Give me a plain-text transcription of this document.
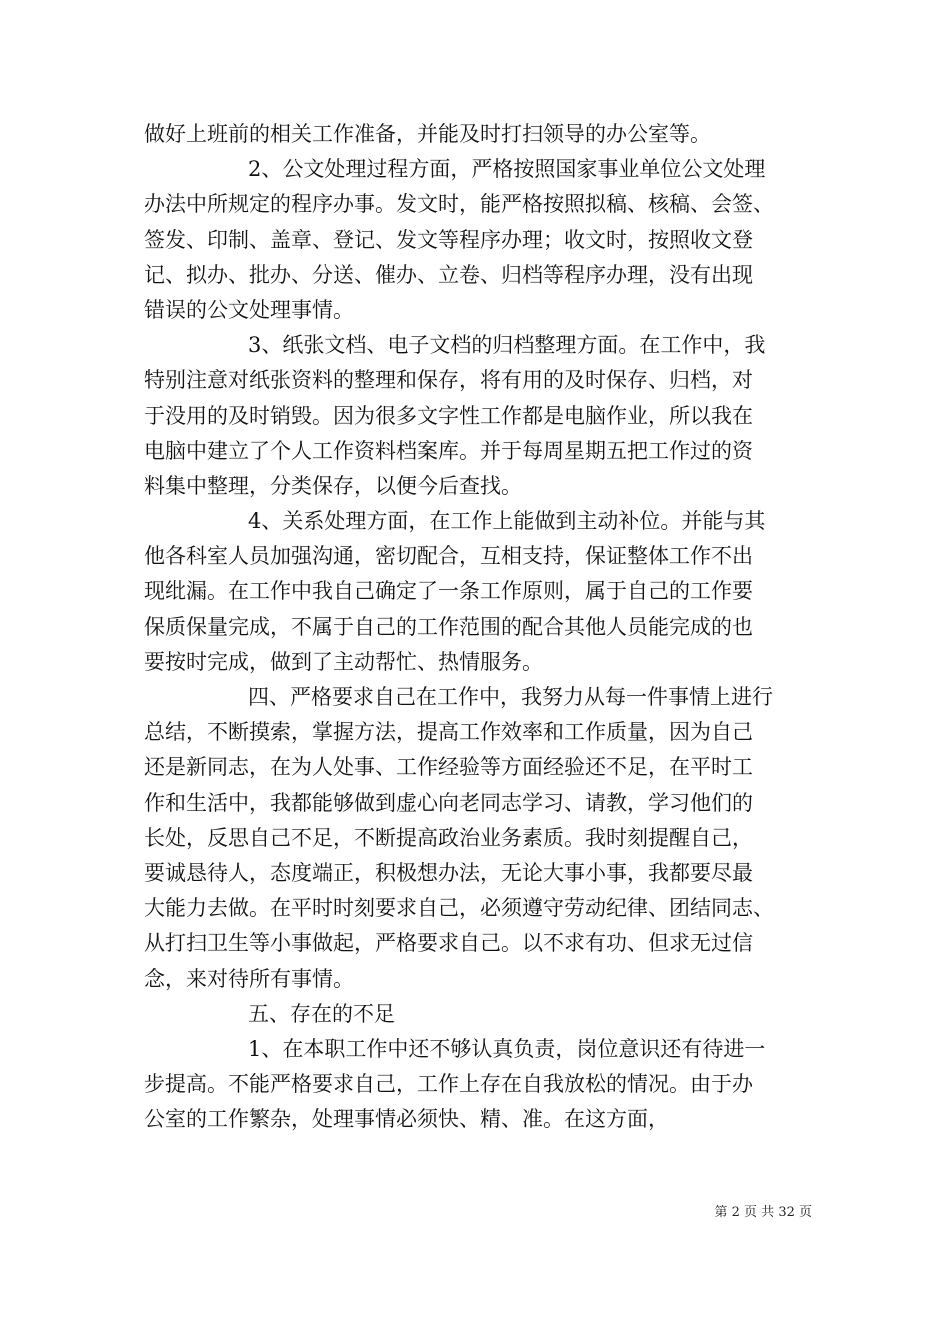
做好上班前的相关工作准备，并能及时打扫领导的办公室等。
2、公文处理过程方面，严格按照国家事业单位公文处理
办法中所规定的程序办事。发文时，能严格按照拟稿、核稿、会签、
签发、印制、盖章、登记、发文等程序办理；收文时，按照收文登
记、拟办、批办、分送、催办、立卷、归档等程序办理，没有出现
错误的公文处理事情。
3、纸张文档、电子文档的归档整理方面。在工作中，我
特别注意对纸张资料的整理和保存，将有用的及时保存、归档，对
于没用的及时销毁。因为很多文字性工作都是电脑作业，所以我在
电脑中建立了个人工作资料档案库。并于每周星期五把工作过的资
料集中整理，分类保存，以便今后查找。
4、关系处理方面，在工作上能做到主动补位。并能与其
他各科室人员加强沟通，密切配合，互相支持，保证整体工作不出
现纰漏。在工作中我自己确定了一条工作原则，属于自己的工作要
保质保量完成，不属于自己的工作范围的配合其他人员能完成的也
要按时完成，做到了主动帮忙、热情服务。
四、严格要求自己在工作中，我努力从每一件事情上进行
总结，不断摸索，掌握方法，提高工作效率和工作质量，因为自己
还是新同志，在为人处事、工作经验等方面经验还不足，在平时工
作和生活中，我都能够做到虚心向老同志学习、请教，学习他们的
长处，反思自己不足，不断提高政治业务素质。我时刻提醒自己，
要诚恳待人，态度端正，积极想办法，无论大事小事，我都要尽最
大能力去做。在平时时刻要求自己，必须遵守劳动纪律、团结同志、
从打扫卫生等小事做起，严格要求自己。以不求有功、但求无过信
念，来对待所有事情。
五、存在的不足
1、在本职工作中还不够认真负责，岗位意识还有待进一
步提高。不能严格要求自己，工作上存在自我放松的情况。由于办
公室的工作繁杂，处理事情必须快、精、准。在这方面，
第 2 页 共 32 页
